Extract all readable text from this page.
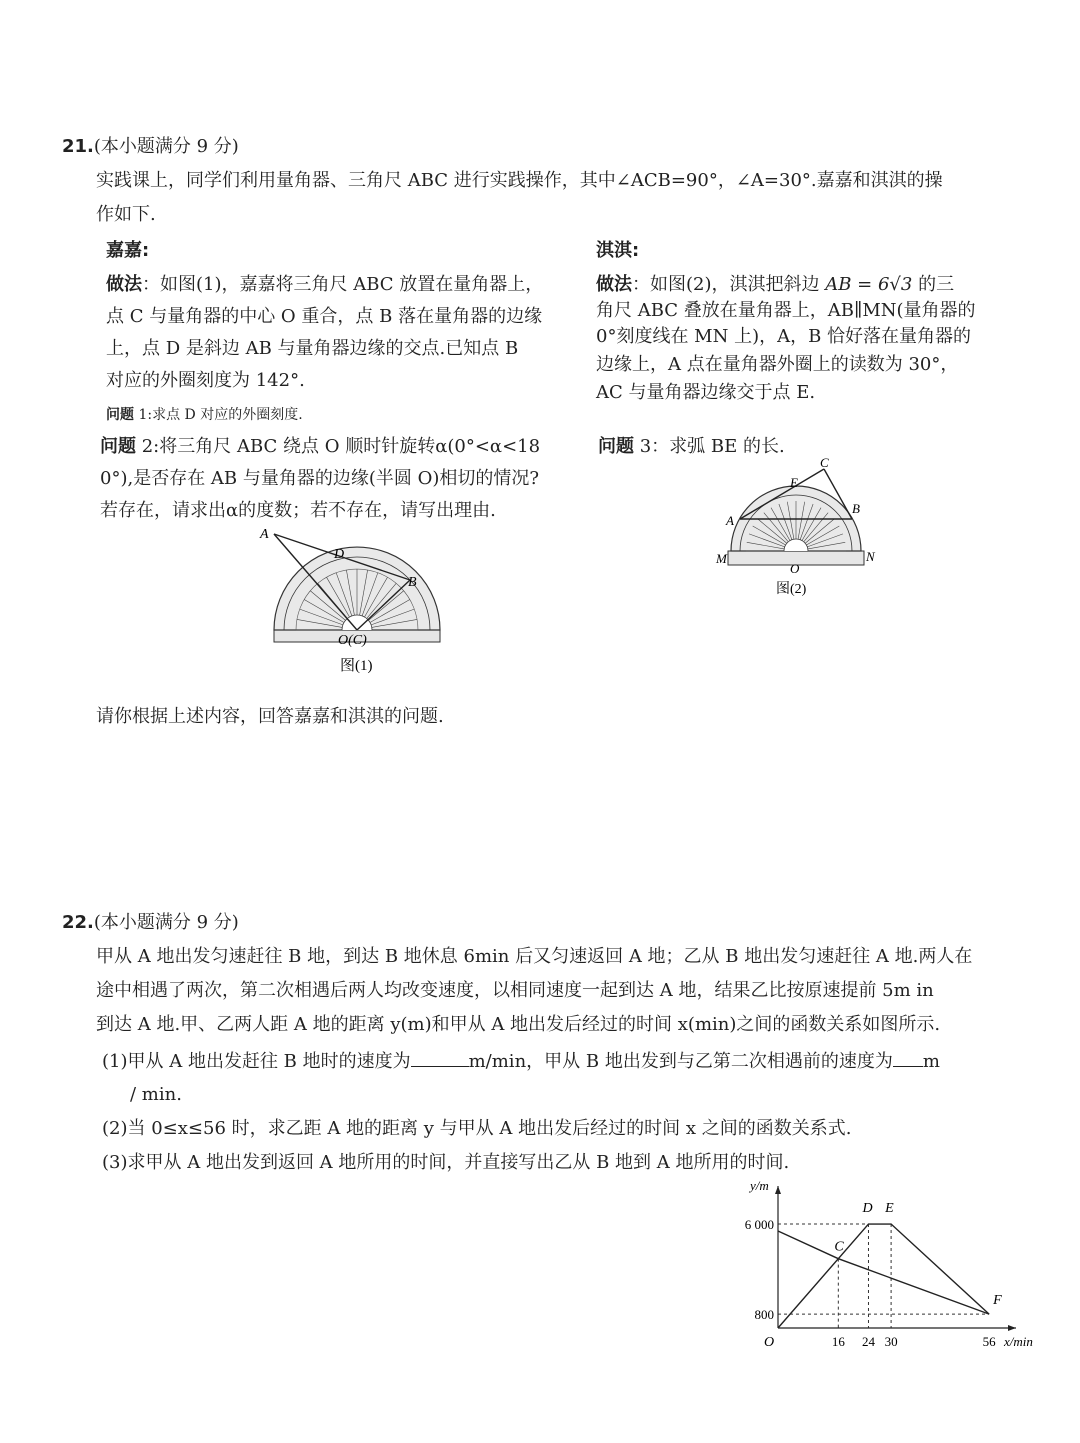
21.(本小题满分 9 分)
实践课上，同学们利用量角器、三角尺 ABC 进行实践操作，其中∠ACB=90°，∠A=30°.嘉嘉和淇淇的操
作如下.
嘉嘉:
做法：如图(1)，嘉嘉将三角尺 ABC 放置在量角器上，
点 C 与量角器的中心 O 重合，点 B 落在量角器的边缘
上，点 D 是斜边 AB 与量角器边缘的交点.已知点 B
对应的外圈刻度为 142°.
问题 1:求点 D 对应的外圈刻度.
问题 2:将三角尺 ABC 绕点 O 顺时针旋转α(0°<α<18
0°),是否存在 AB 与量角器的边缘(半圆 O)相切的情况?
若存在，请求出α的度数；若不存在，请写出理由.
淇淇:
做法：如图(2)，淇淇把斜边 AB = 6√3 的三
角尺 ABC 叠放在量角器上，AB∥MN(量角器的
0°刻度线在 MN 上)，A，B 恰好落在量角器的
边缘上，A 点在量角器外圈上的读数为 30°，
AC 与量角器边缘交于点 E.
问题 3：求弧 BE 的长.
A
D
B
O(C)
图(1)
C
E
A
B
M	N
O
图(2)
请你根据上述内容，回答嘉嘉和淇淇的问题.
22.(本小题满分 9 分)
甲从 A 地出发匀速赶往 B 地，到达 B 地休息 6min 后又匀速返回 A 地；乙从 B 地出发匀速赶往 A 地.两人在
途中相遇了两次，第二次相遇后两人均改变速度，以相同速度一起到达 A 地，结果乙比按原速提前 5m in
到达 A 地.甲、乙两人距 A 地的距离 y(m)和甲从 A 地出发后经过的时间 x(min)之间的函数关系如图所示.
(1)甲从 A 地出发赶往 B 地时的速度为	m/min，甲从 B 地出发到与乙第二次相遇前的速度为 m
/ min.
(2)当 0≤x≤56 时，求乙距 A 地的距离 y 与甲从 A 地出发后经过的时间 x 之间的函数关系式.
(3)求甲从 A 地出发到返回 A 地所用的时间，并直接写出乙从 B 地到 A 地所用的时间.
y/m
x/min
O	16 24 30	56
800
6 000
C
D E
F
